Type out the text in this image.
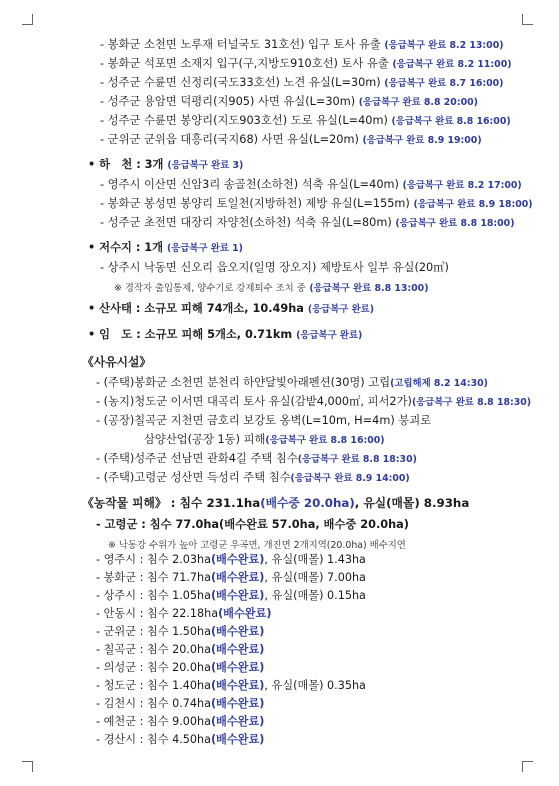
- 봉화군 소천면 노루재 터널국도 31호선) 입구 토사 유출 (응급복구 완료 8.2 13:00)
- 봉화군 석포면 소재지 입구(구,지방도910호선) 토사 유출 (응급복구 완료 8.2 11:00)
- 성주군 수륜면 신정리(국도33호선) 노견 유실(L=30m) (응급복구 완료 8.7 16:00)
- 성주군 용암면 덕평리(지905) 사면 유실(L=30m) (응급복구 완료 8.8 20:00)
- 성주군 수륜면 봉양리(지도903호선) 도로 유실(L=40m) (응급복구 완료 8.8 16:00)
- 군위군 군위읍 대흥리(국지68) 사면 유실(L=20m) (응급복구 완료 8.9 19:00)
• 하　천 : 3개 (응급복구 완료 3)
- 영주시 이산면 신암3리 송골천(소하천) 석축 유실(L=40m) (응급복구 완료 8.2 17:00)
- 봉화군 봉성면 봉양리 토일천(지방하천) 제방 유실(L=155m) (응급복구 완료 8.9 18:00)
- 성주군 초전면 대장리 자양천(소하천) 석축 유실(L=80m) (응급복구 완료 8.8 18:00)
• 저수지 : 1개 (응급복구 완료 1)
- 상주시 낙동면 신오리 읍오지(일명 장오지) 제방토사 일부 유실(20㎥)
※ 경작자 출입통제, 양수기로 강제퇴수 조치 중 (응급복구 완료 8.8 13:00)
• 산사태 : 소규모 피해 74개소, 10.49ha (응급복구 완료)
• 임　도 : 소규모 피해 5개소, 0.71km (응급복구 완료)
《사유시설》
- (주택)봉화군 소천면 분천리 하얀달빛아래펜션(30명) 고립(고립해제 8.2 14:30)
- (농지)청도군 이서면 대곡리 토사 유실(감밭4,000㎡, 피서2가)(응급복구 완료 8.8 18:30)
- (공장)칠곡군 지천면 금호리 보강토 옹벽(L=10m, H=4m) 붕괴로
삼양산업(공장 1동) 피해(응급복구 완료 8.8 16:00)
- (주택)성주군 선남면 관화4길 주택 침수(응급복구 완료 8.8 18:30)
- (주택)고령군 성산면 득성리 주택 침수(응급복구 완료 8.9 14:00)
《농작물 피해》 : 침수 231.1ha(배수중 20.0ha), 유실(매몰) 8.93ha
- 고령군 : 침수 77.0ha(배수완료 57.0ha, 배수중 20.0ha)
※ 낙동강 수위가 높아 고령군 우곡면, 개진면 2개지역(20.0ha) 배수지연
- 영주시 : 침수 2.03ha(배수완료), 유실(매몰) 1.43ha
- 봉화군 : 침수 71.7ha(배수완료), 유실(매몰) 7.00ha
- 상주시 : 침수 1.05ha(배수완료), 유실(매몰) 0.15ha
- 안동시 : 침수 22.18ha(배수완료)
- 군위군 : 침수 1.50ha(배수완료)
- 칠곡군 : 침수 20.0ha(배수완료)
- 의성군 : 침수 20.0ha(배수완료)
- 청도군 : 침수 1.40ha(배수완료), 유실(매몰) 0.35ha
- 김천시 : 침수 0.74ha(배수완료)
- 예천군 : 침수 9.00ha(배수완료)
- 경산시 : 침수 4.50ha(배수완료)
